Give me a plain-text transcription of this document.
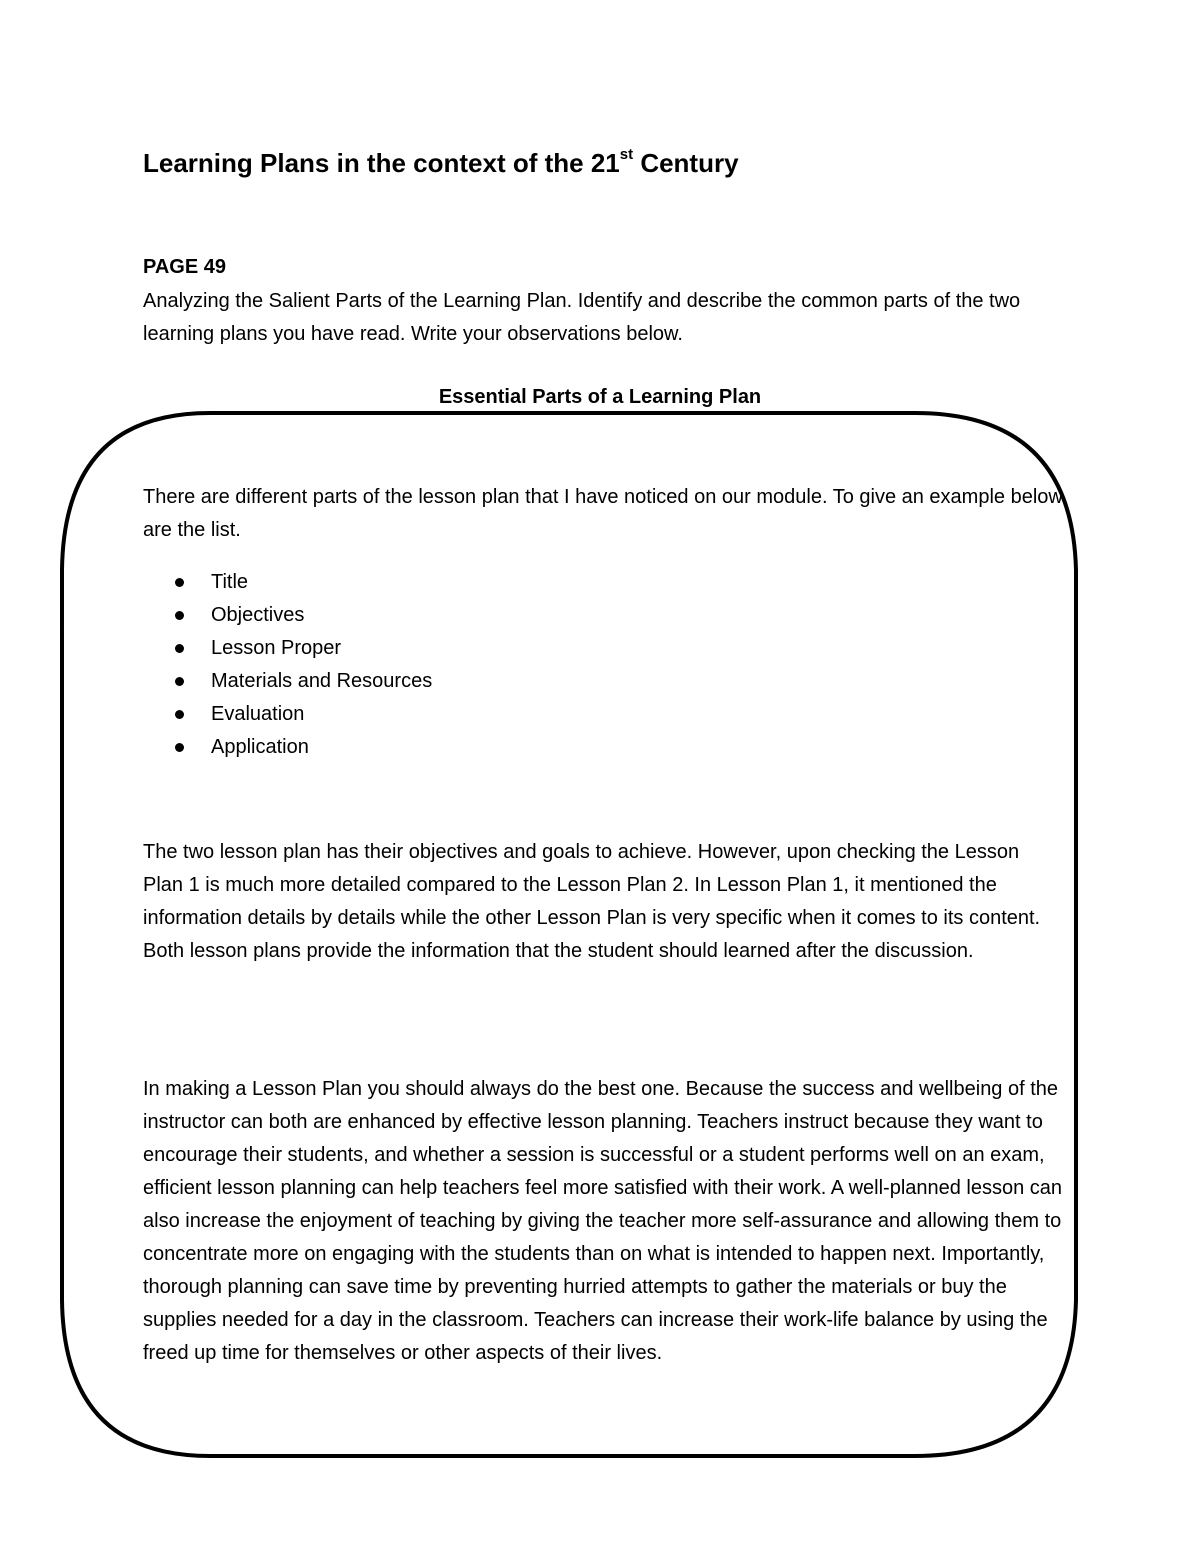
Learning Plans in the context of the 21st Century
PAGE 49
Analyzing the Salient Parts of the Learning Plan. Identify and describe the common parts of the two learning plans you have read. Write your observations below.
Essential Parts of a Learning Plan
There are different parts of the lesson plan that I have noticed on our module. To give an example below are the list.
Title
Objectives
Lesson Proper
Materials and Resources
Evaluation
Application
The two lesson plan has their objectives and goals to achieve. However, upon checking the Lesson Plan 1 is much more detailed compared to the Lesson Plan 2. In Lesson Plan 1, it mentioned the information details by details while the other Lesson Plan is very specific when it comes to its content. Both lesson plans provide the information that the student should learned after the discussion.
In making a Lesson Plan you should always do the best one. Because the success and wellbeing of the instructor can both are enhanced by effective lesson planning. Teachers instruct because they want to encourage their students, and whether a session is successful or a student performs well on an exam, efficient lesson planning can help teachers feel more satisfied with their work. A well-planned lesson can also increase the enjoyment of teaching by giving the teacher more self-assurance and allowing them to concentrate more on engaging with the students than on what is intended to happen next. Importantly, thorough planning can save time by preventing hurried attempts to gather the materials or buy the supplies needed for a day in the classroom. Teachers can increase their work-life balance by using the freed up time for themselves or other aspects of their lives.
